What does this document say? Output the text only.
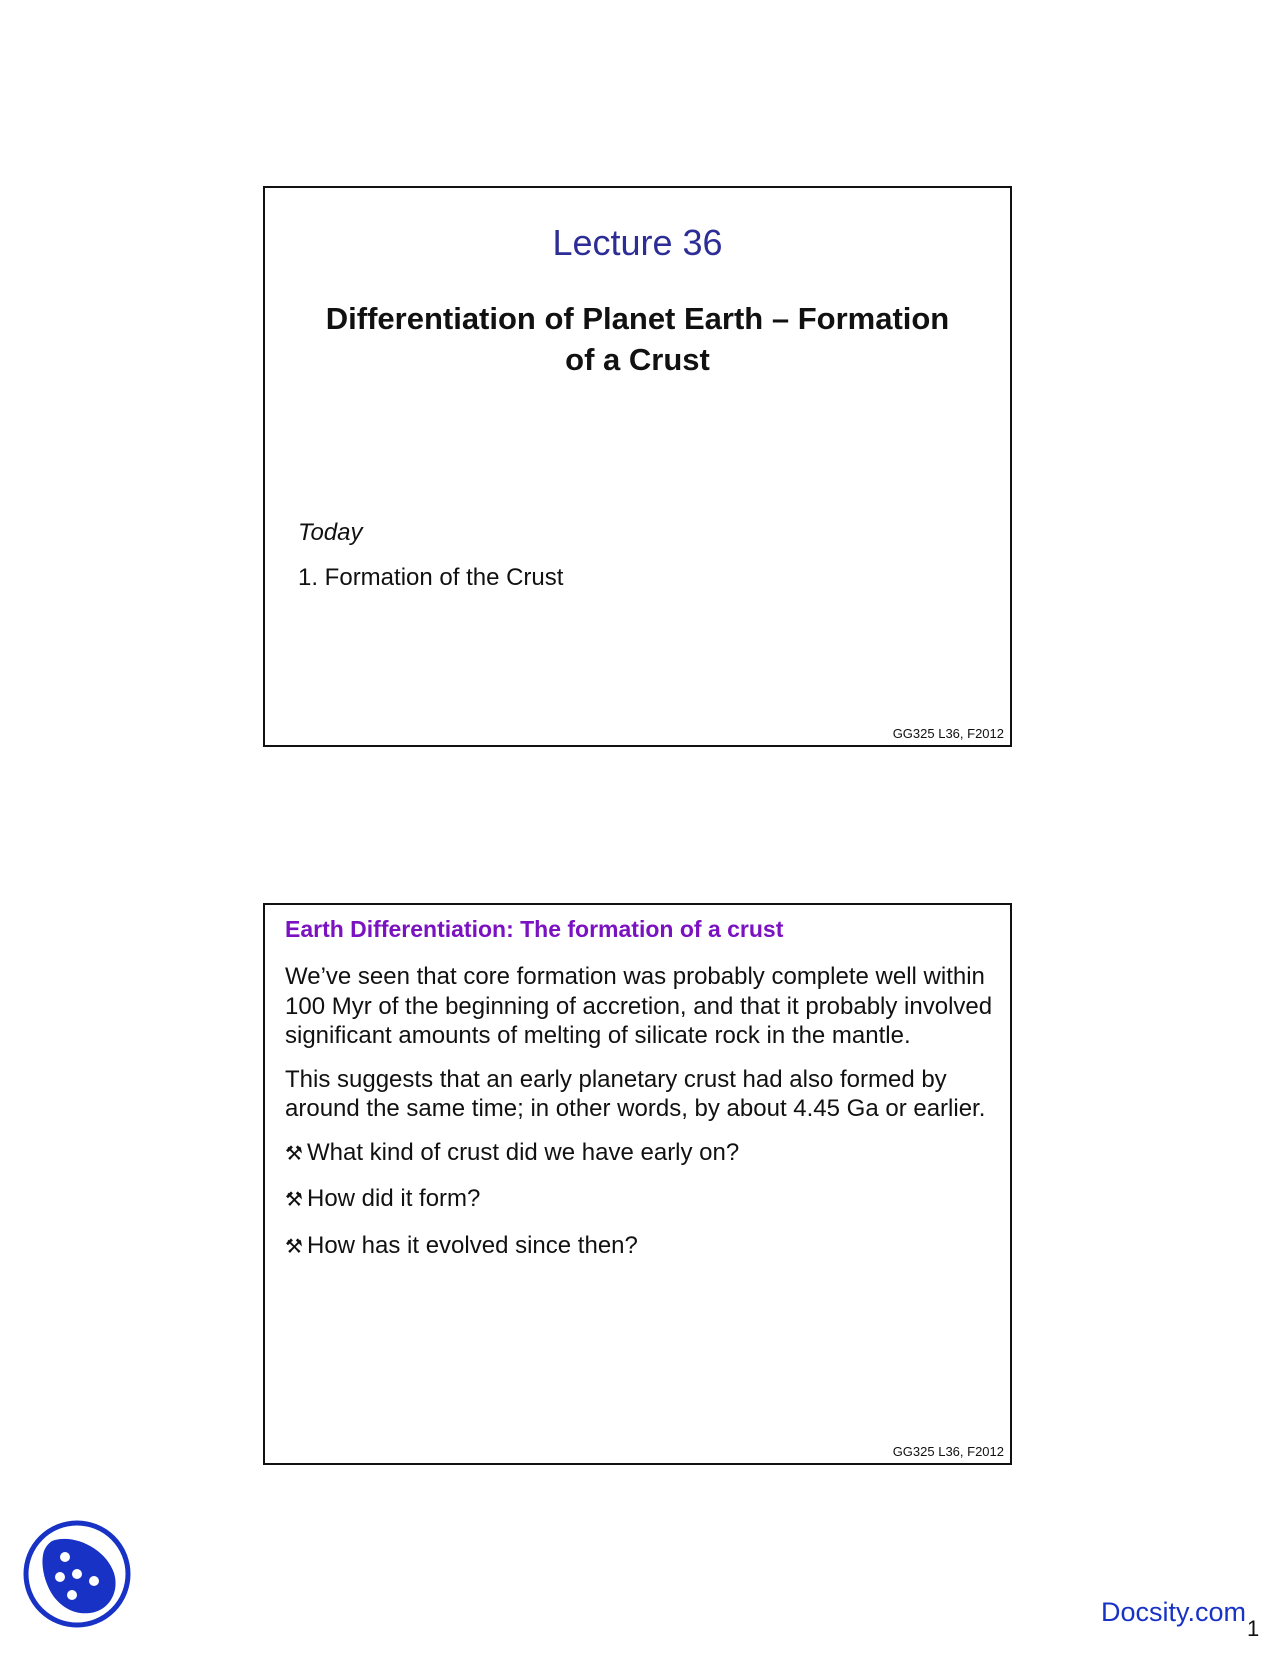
Lecture 36
Differentiation of Planet Earth – Formation
of a Crust
Today
1. Formation of the Crust
GG325 L36, F2012
Earth Differentiation: The formation of a crust

We’ve seen that core formation was probably complete well within 100 Myr of the beginning of accretion, and that it probably involved significant amounts of melting of silicate rock in the mantle.

This suggests that an early planetary crust had also formed by around the same time; in other words, by about 4.45 Ga or earlier.

⚒ What kind of crust did we have early on?

⚒ How did it form?

⚒ How has it evolved since then?

GG325 L36, F2012
Docsity.com
1
